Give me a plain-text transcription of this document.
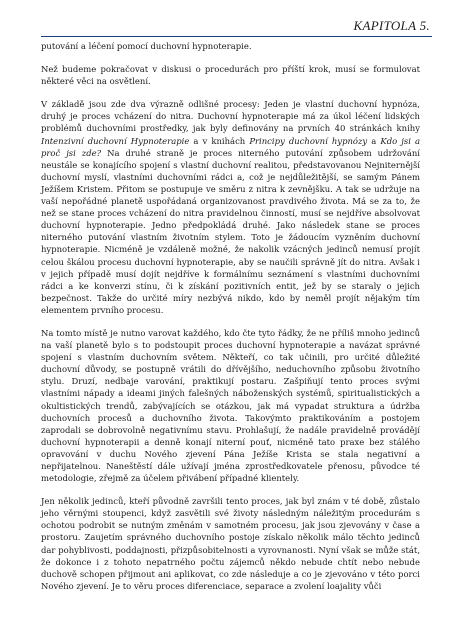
KAPITOLA 5.

putování a léčení pomocí duchovní hypnoterapie.

Než budeme pokračovat v diskusi o procedurách pro příští krok, musí se formulovat některé věci na osvětlení.

V základě jsou zde dva výrazně odlišné procesy: Jeden je vlastní duchovní hypnóza, druhý je proces vcházení do nitra. Duchovní hypnoterapie má za úkol léčení lidských problémů duchovními prostředky, jak byly definovány na prvních 40 stránkách knihy Intenzivní duchovní Hypnoterapie a v knihách Principy duchovní hypnózy a Kdo jsi a proč jsi zde? Na druhé straně je proces niterného putování způsobem udržování neustále se konajícího spojení s vlastní duchovní realitou, představovanou Nejniternější duchovní myslí, vlastními duchovními rádci a, což je nejdůležitější, se samým Pánem Ježíšem Kristem. Přitom se postupuje ve směru z nitra k zevnějšku. A tak se udržuje na vaší nepořádné planetě uspořádaná organizovanost pravdivého života. Má se za to, že než se stane proces vcházení do nitra pravidelnou činností, musí se nejdříve absolvovat duchovní hypnoterapie. Jedno předpokládá druhé. Jako následek stane se proces niterného putování vlastním životním stylem. Toto je žádoucím vyzněním duchovní hypnoterapie. Nicméně je vzdáleně možné, že nakolik vzácných jedinců nemusí projít celou škálou procesu duchovní hypnoterapie, aby se naučili správně jít do nitra. Avšak i v jejich případě musí dojít nejdříve k formálnímu seznámení s vlastními duchovními rádci a ke konverzi stínu, či k získání pozitivních entit, jež by se staraly o jejich bezpečnost. Takže do určité míry nezbývá nikdo, kdo by neměl projít nějakým tím elementem prvního procesu.

Na tomto místě je nutno varovat každého, kdo čte tyto řádky, že ne příliš mnoho jedinců na vaší planetě bylo s to podstoupit proces duchovní hypnoterapie a navázat správné spojení s vlastním duchovním světem. Někteří, co tak učinili, pro určité důležité duchovní důvody, se postupně vrátili do dřívějšího, neduchovního způsobu životního stylu. Druzí, nedbaje varování, praktikují postaru. Zašpiňují tento proces svými vlastními nápady a ideami jiných falešných náboženských systémů, spiritualistických a okultistických trendů, zabývajících se otázkou, jak má vypadat struktura a údržba duchovních procesů a duchovního života. Takovýmto praktikováním a postojem zaprodali se dobrovolně negativnímu stavu. Prohlašují, že nadále pravidelně provádějí duchovní hypnoterapii a denně konají niterní pouť, nicméně tato praxe bez stálého opravování v duchu Nového zjevení Pána Ježíše Krista se stala negativní a nepřijatelnou. Naneštěstí dále užívají jména zprostředkovatele přenosu, původce té metodologie, zřejmě za účelem přivábení případné klientely.

Jen několik jedinců, kteří původně završili tento proces, jak byl znám v té době, zůstalo jeho věrnými stoupenci, když zasvětili své životy následným náležitým procedurám s ochotou podrobit se nutným změnám v samotném procesu, jak jsou zjevovány v čase a prostoru. Zaujetím správného duchovního postoje získalo několik málo těchto jedinců dar pohyblivosti, poddajnosti, přizpůsobitelnosti a vyrovnanosti. Nyní však se může stát, že dokonce i z tohoto nepatrného počtu zájemců někdo nebude chtít nebo nebude duchově schopen přijmout ani aplikovat, co zde následuje a co je zjevováno v této porci Nového zjevení. Je to věru proces diferenciace, separace a zvolení loajality vůči
